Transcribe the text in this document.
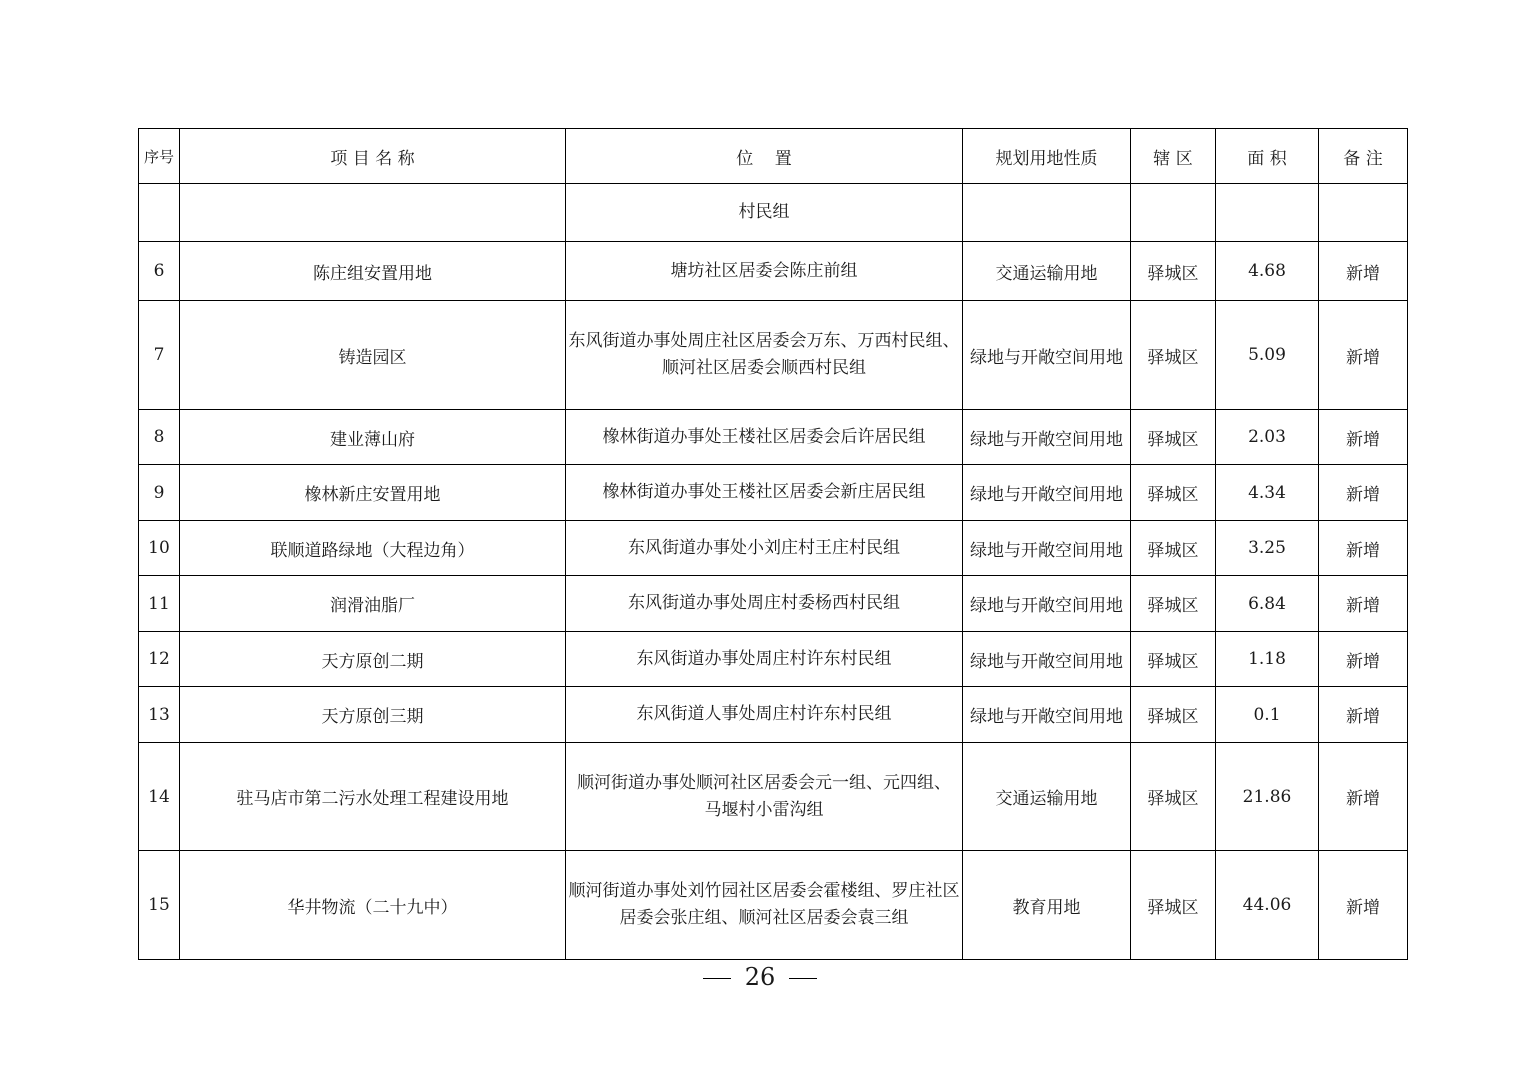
序号	项 目 名 称	位    置	规划用地性质	辖 区	面 积	备 注

		村民组				

6	陈庄组安置用地	塘坊社区居委会陈庄前组	交通运输用地	驿城区	4.68	新增
7	铸造园区	东风街道办事处周庄社区居委会万东、万西村民组、
顺河社区居委会顺西村民组	绿地与开敞空间用地	驿城区	5.09	新增
8	建业薄山府	橡林街道办事处王楼社区居委会后许居民组	绿地与开敞空间用地	驿城区	2.03	新增
9	橡林新庄安置用地	橡林街道办事处王楼社区居委会新庄居民组	绿地与开敞空间用地	驿城区	4.34	新增
10	联顺道路绿地（大程边角）	东风街道办事处小刘庄村王庄村民组	绿地与开敞空间用地	驿城区	3.25	新增
11	润滑油脂厂	东风街道办事处周庄村委杨西村民组	绿地与开敞空间用地	驿城区	6.84	新增
12	天方原创二期	东风街道办事处周庄村许东村民组	绿地与开敞空间用地	驿城区	1.18	新增
13	天方原创三期	东风街道人事处周庄村许东村民组	绿地与开敞空间用地	驿城区	0.1	新增
14	驻马店市第二污水处理工程建设用地	顺河街道办事处顺河社区居委会元一组、元四组、
马堰村小雷沟组	交通运输用地	驿城区	21.86	新增
15	华井物流（二十九中）	顺河街道办事处刘竹园社区居委会霍楼组、罗庄社区
居委会张庄组、顺河社区居委会袁三组	教育用地	驿城区	44.06	新增
26
